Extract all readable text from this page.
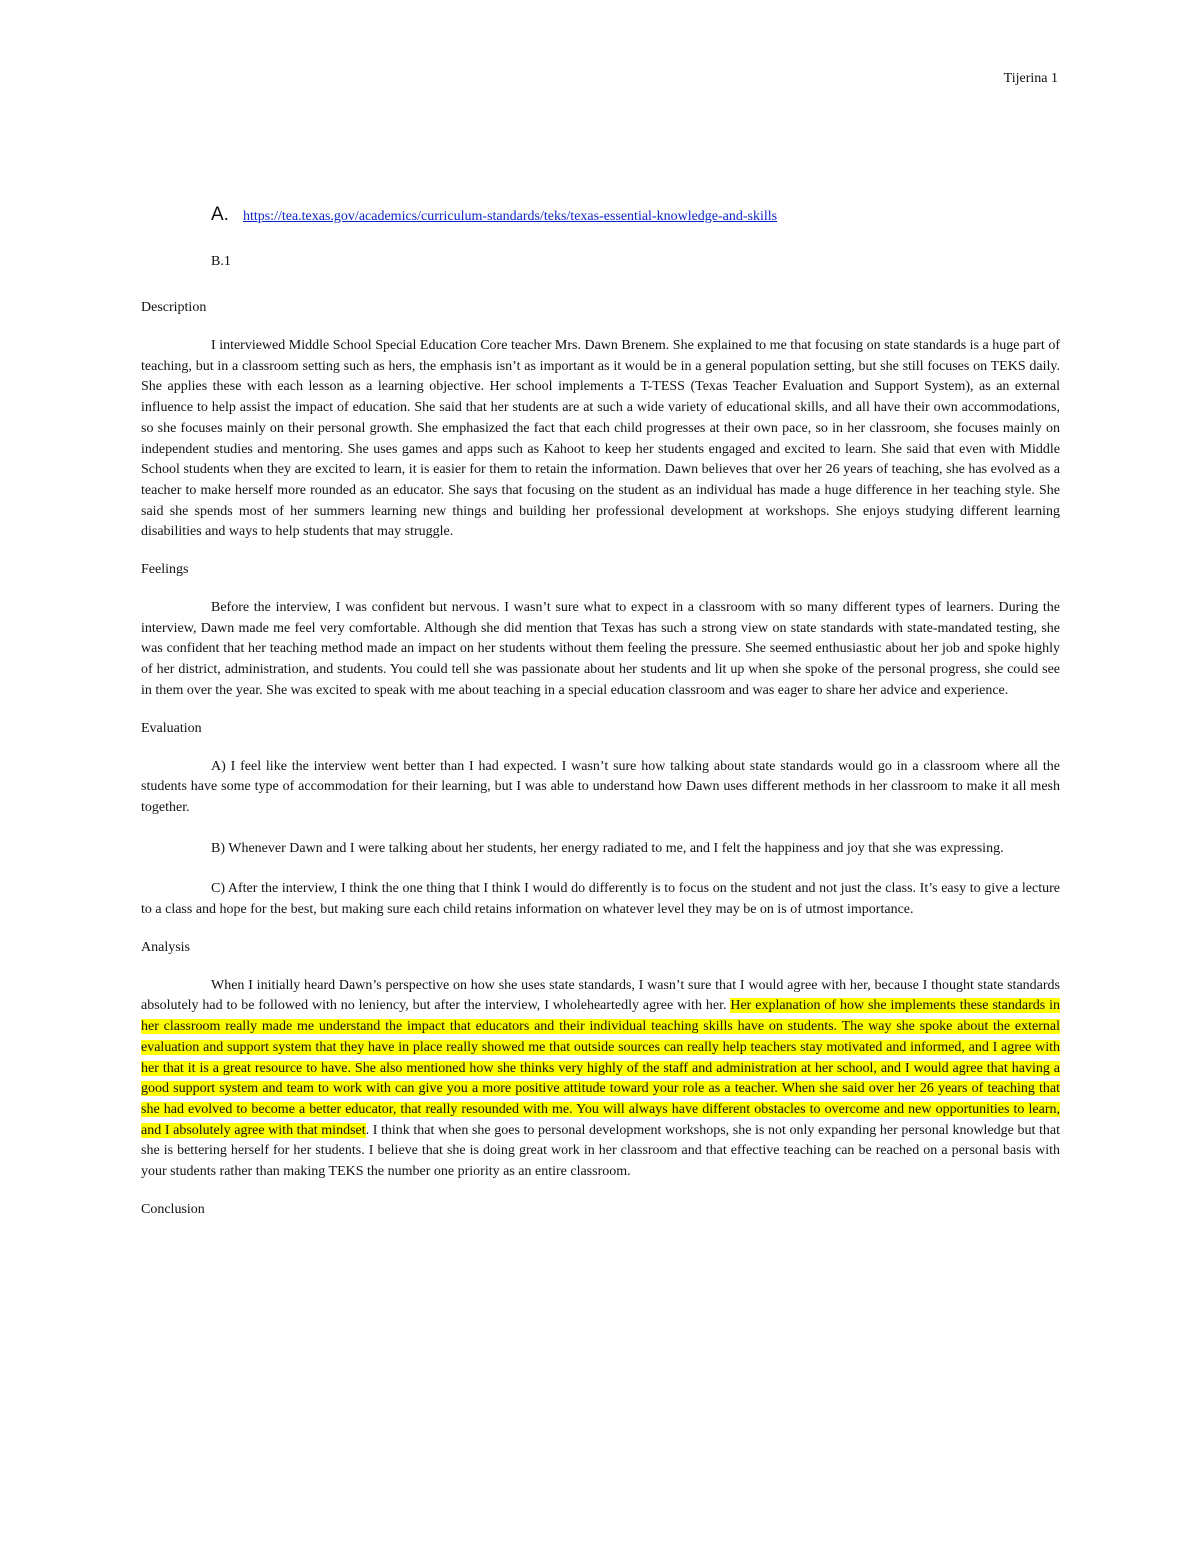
Tijerina 1
A. https://tea.texas.gov/academics/curriculum-standards/teks/texas-essential-knowledge-and-skills
B.1
Description

I interviewed Middle School Special Education Core teacher Mrs. Dawn Brenem. She explained to me that focusing on state standards is a huge part of teaching, but in a classroom setting such as hers, the emphasis isn’t as important as it would be in a general population setting, but she still focuses on TEKS daily. She applies these with each lesson as a learning objective. Her school implements a T-TESS (Texas Teacher Evaluation and Support System), as an external influence to help assist the impact of education. She said that her students are at such a wide variety of educational skills, and all have their own accommodations, so she focuses mainly on their personal growth. She emphasized the fact that each child progresses at their own pace, so in her classroom, she focuses mainly on independent studies and mentoring. She uses games and apps such as Kahoot to keep her students engaged and excited to learn. She said that even with Middle School students when they are excited to learn, it is easier for them to retain the information. Dawn believes that over her 26 years of teaching, she has evolved as a teacher to make herself more rounded as an educator. She says that focusing on the student as an individual has made a huge difference in her teaching style. She said she spends most of her summers learning new things and building her professional development at workshops. She enjoys studying different learning disabilities and ways to help students that may struggle.

Feelings

Before the interview, I was confident but nervous. I wasn’t sure what to expect in a classroom with so many different types of learners. During the interview, Dawn made me feel very comfortable. Although she did mention that Texas has such a strong view on state standards with state-mandated testing, she was confident that her teaching method made an impact on her students without them feeling the pressure. She seemed enthusiastic about her job and spoke highly of her district, administration, and students. You could tell she was passionate about her students and lit up when she spoke of the personal progress, she could see in them over the year. She was excited to speak with me about teaching in a special education classroom and was eager to share her advice and experience.

Evaluation

A) I feel like the interview went better than I had expected. I wasn’t sure how talking about state standards would go in a classroom where all the students have some type of accommodation for their learning, but I was able to understand how Dawn uses different methods in her classroom to make it all mesh together.

B) Whenever Dawn and I were talking about her students, her energy radiated to me, and I felt the happiness and joy that she was expressing.

C) After the interview, I think the one thing that I think I would do differently is to focus on the student and not just the class. It’s easy to give a lecture to a class and hope for the best, but making sure each child retains information on whatever level they may be on is of utmost importance.

Analysis

When I initially heard Dawn’s perspective on how she uses state standards, I wasn’t sure that I would agree with her, because I thought state standards absolutely had to be followed with no leniency, but after the interview, I wholeheartedly agree with her. Her explanation of how she implements these standards in her classroom really made me understand the impact that educators and their individual teaching skills have on students. The way she spoke about the external evaluation and support system that they have in place really showed me that outside sources can really help teachers stay motivated and informed, and I agree with her that it is a great resource to have. She also mentioned how she thinks very highly of the staff and administration at her school, and I would agree that having a good support system and team to work with can give you a more positive attitude toward your role as a teacher. When she said over her 26 years of teaching that she had evolved to become a better educator, that really resounded with me. You will always have different obstacles to overcome and new opportunities to learn, and I absolutely agree with that mindset. I think that when she goes to personal development workshops, she is not only expanding her personal knowledge but that she is bettering herself for her students. I believe that she is doing great work in her classroom and that effective teaching can be reached on a personal basis with your students rather than making TEKS the number one priority as an entire classroom.

Conclusion
